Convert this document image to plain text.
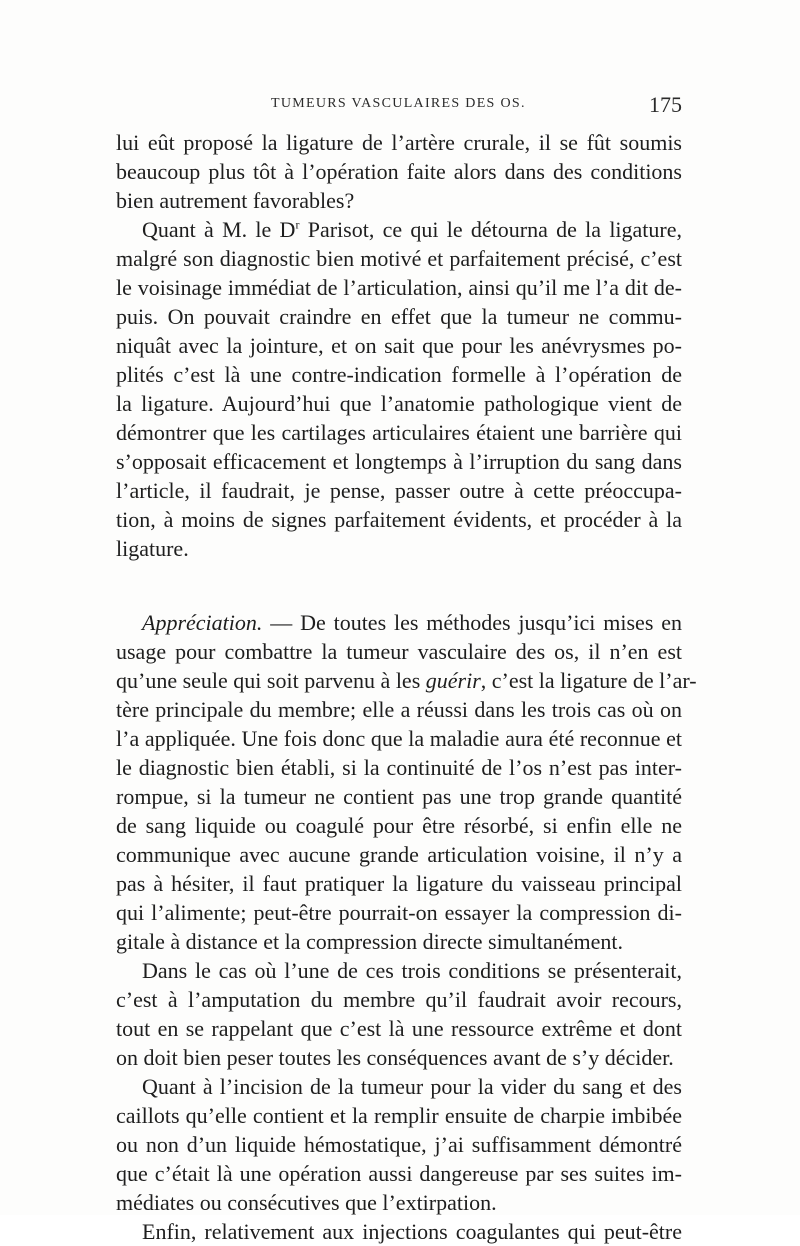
TUMEURS VASCULAIRES DES OS.	175
lui eût proposé la ligature de l’artère crurale, il se fût soumis
beaucoup plus tôt à l’opération faite alors dans des conditions
bien autrement favorables?
Quant à M. le $D^r$ Parisot, ce qui le détourna de la ligature,
malgré son diagnostic bien motivé et parfaitement précisé, c’est
le voisinage immédiat de l’articulation, ainsi qu’il me l’a dit de-
puis. On pouvait craindre en effet que la tumeur ne commu-
niquât avec la jointure, et on sait que pour les anévrysmes po-
plités c’est là une contre-indication formelle à l’opération de
la ligature. Aujourd’hui que l’anatomie pathologique vient de
démontrer que les cartilages articulaires étaient une barrière qui
s’opposait efficacement et longtemps à l’irruption du sang dans
l’article, il faudrait, je pense, passer outre à cette préoccupa-
tion, à moins de signes parfaitement évidents, et procéder à la
ligature.
Appréciation. — De toutes les méthodes jusqu’ici mises en
usage pour combattre la tumeur vasculaire des os, il n’en est
qu’une seule qui soit parvenu à les guérir, c’est la ligature de l’ar-
tère principale du membre; elle a réussi dans les trois cas où on
l’a appliquée. Une fois donc que la maladie aura été reconnue et
le diagnostic bien établi, si la continuité de l’os n’est pas inter-
rompue, si la tumeur ne contient pas une trop grande quantité
de sang liquide ou coagulé pour être résorbé, si enfin elle ne
communique avec aucune grande articulation voisine, il n’y a
pas à hésiter, il faut pratiquer la ligature du vaisseau principal
qui l’alimente; peut-être pourrait-on essayer la compression di-
gitale à distance et la compression directe simultanément.
Dans le cas où l’une de ces trois conditions se présenterait,
c’est à l’amputation du membre qu’il faudrait avoir recours,
tout en se rappelant que c’est là une ressource extrême et dont
on doit bien peser toutes les conséquences avant de s’y décider.
Quant à l’incision de la tumeur pour la vider du sang et des
caillots qu’elle contient et la remplir ensuite de charpie imbibée
ou non d’un liquide hémostatique, j’ai suffisamment démontré
que c’était là une opération aussi dangereuse par ses suites im-
médiates ou consécutives que l’extirpation.
Enfin, relativement aux injections coagulantes qui peut-être
